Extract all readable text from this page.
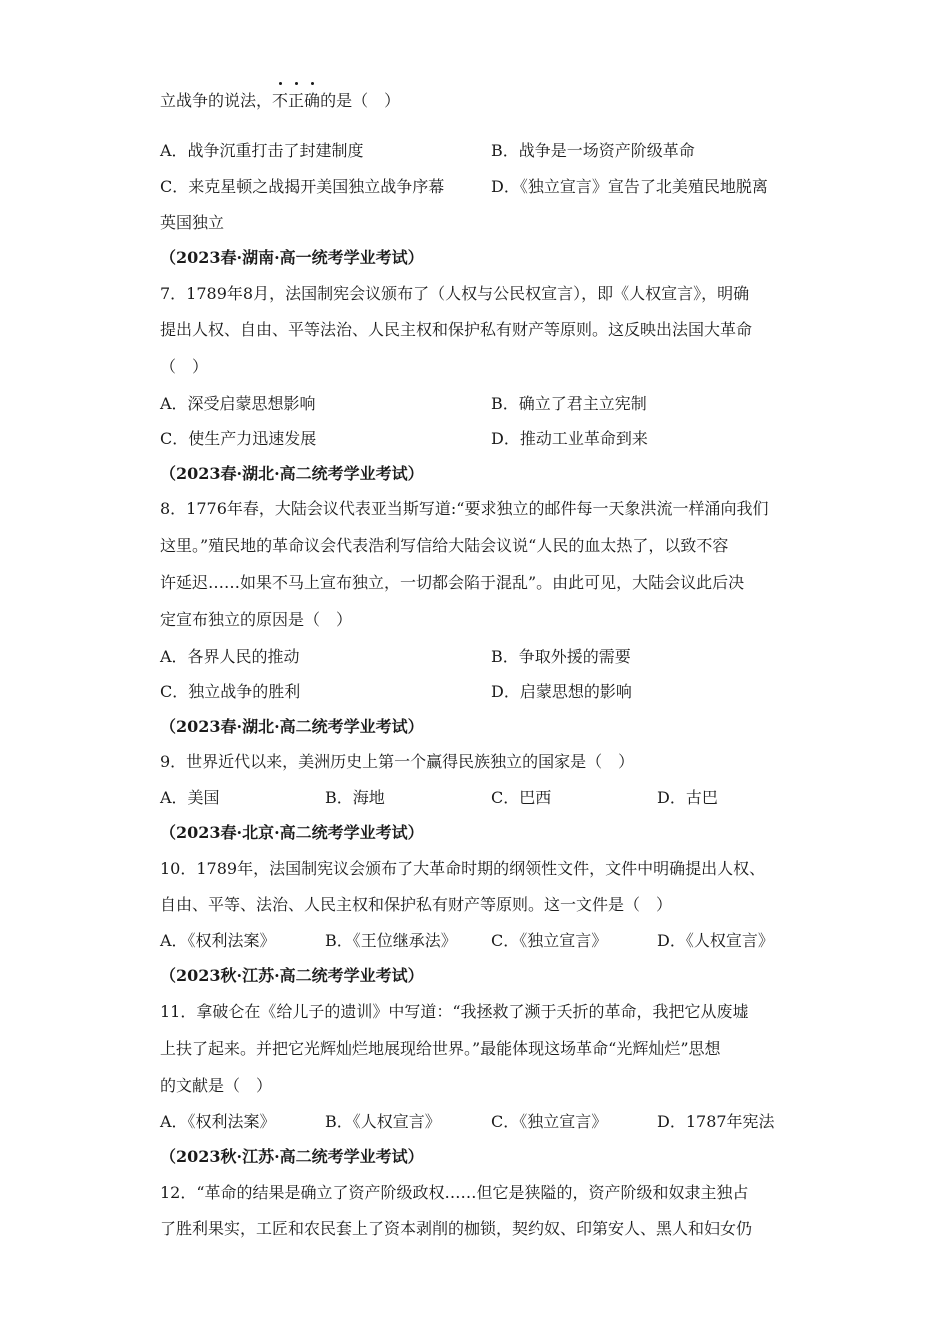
立战争的说法，不正确的是（　）
A．战争沉重打击了封建制度	B．战争是一场资产阶级革命
C．来克星顿之战揭开美国独立战争序幕	D．《独立宣言》宣告了北美殖民地脱离
英国独立
（2023春·湖南·高一统考学业考试）
7．1789年8月，法国制宪会议颁布了（人权与公民权宣言），即《人权宣言》，明确
提出人权、自由、平等法治、人民主权和保护私有财产等原则。这反映出法国大革命
（　）
A．深受启蒙思想影响	B．确立了君主立宪制
C．使生产力迅速发展	D．推动工业革命到来
（2023春·湖北·高二统考学业考试）
8．1776年春，大陆会议代表亚当斯写道:“要求独立的邮件每一天象洪流一样涌向我们
这里。”殖民地的革命议会代表浩利写信给大陆会议说“人民的血太热了，以致不容
许延迟……如果不马上宣布独立，一切都会陷于混乱”。由此可见，大陆会议此后决
定宣布独立的原因是（　）
A．各界人民的推动	B．争取外援的需要
C．独立战争的胜利	D．启蒙思想的影响
（2023春·湖北·高二统考学业考试）
9．世界近代以来，美洲历史上第一个赢得民族独立的国家是（　）
A．美国	B．海地	C．巴西	D．古巴
（2023春·北京·高二统考学业考试）
10．1789年，法国制宪议会颁布了大革命时期的纲领性文件，文件中明确提出人权、
自由、平等、法治、人民主权和保护私有财产等原则。这一文件是（　）
A．《权利法案》	B．《王位继承法》 C．《独立宣言》	D．《人权宣言》
（2023秋·江苏·高二统考学业考试）
11．拿破仑在《给儿子的遗训》中写道：“我拯救了濒于夭折的革命，我把它从废墟
上扶了起来。并把它光辉灿烂地展现给世界。”最能体现这场革命“光辉灿烂”思想
的文献是（　）
A．《权利法案》	B．《人权宣言》	C．《独立宣言》	D．1787年宪法
（2023秋·江苏·高二统考学业考试）
12．“革命的结果是确立了资产阶级政权……但它是狭隘的，资产阶级和奴隶主独占
了胜利果实，工匠和农民套上了资本剥削的枷锁，契约奴、印第安人、黑人和妇女仍
